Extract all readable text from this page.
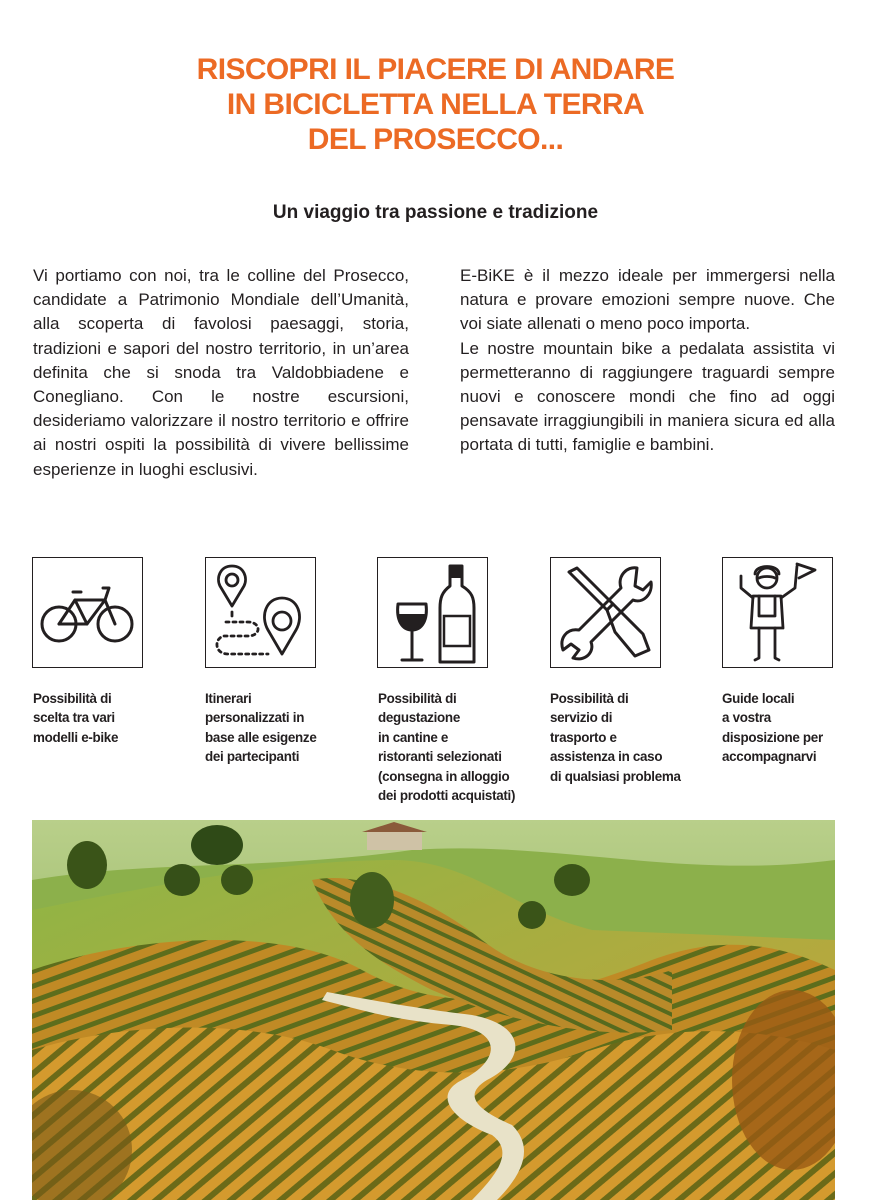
RISCOPRI IL PIACERE DI ANDARE
IN BICICLETTA NELLA TERRA
DEL PROSECCO...
Un viaggio tra passione e tradizione

Vi portiamo con noi, tra le colline del Prosecco, candidate a Patrimonio Mondiale dell’Umanità, alla scoperta di favolosi paesaggi, storia, tradizioni e sapori del nostro territorio, in un’area definita che si snoda tra Valdobbiadene e Conegliano. Con le nostre escursioni, desideriamo valorizzare il nostro territorio e offrire ai nostri ospiti la possibilità di vivere bellissime esperienze in luoghi esclusivi.

E-BiKE è il mezzo ideale per immergersi nella natura e provare emozioni sempre nuove. Che voi siate allenati o meno poco importa.

Le nostre mountain bike a pedalata assistita vi permetteranno di raggiungere traguardi sempre nuovi e conoscere mondi che fino ad oggi pensavate irraggiungibili in maniera sicura ed alla portata di tutti, famiglie e bambini.

Possibilità di
scelta tra vari
modelli e-bike

Itinerari
personalizzati in
base alle esigenze
dei partecipanti

Possibilità di
degustazione
in cantine e
ristoranti selezionati
(consegna in alloggio
dei prodotti acquistati)

Possibilità di
servizio di
trasporto e
assistenza in caso
di qualsiasi problema

Guide locali
a vostra
disposizione per
accompagnarvi
